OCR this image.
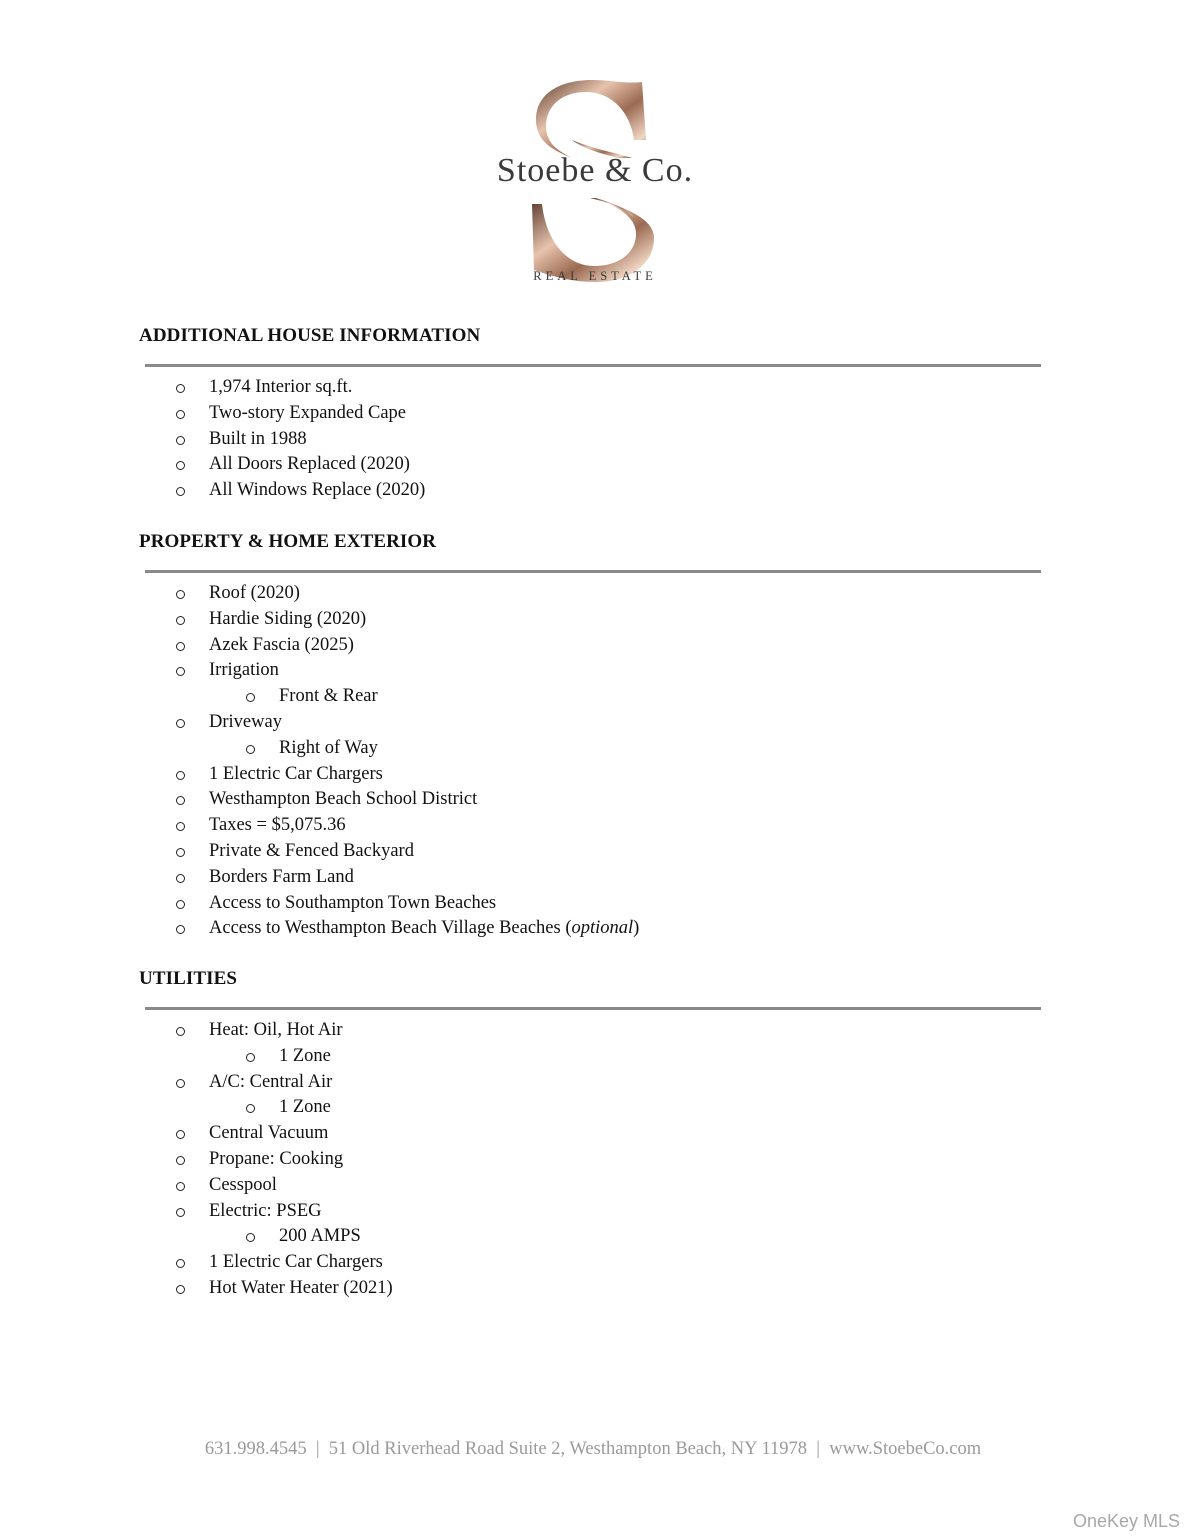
Stoebe & Co.
REAL ESTATE
ADDITIONAL HOUSE INFORMATION
1,974 Interior sq.ft.
Two-story Expanded Cape
Built in 1988
All Doors Replaced (2020)
All Windows Replace (2020)
PROPERTY & HOME EXTERIOR
Roof (2020)
Hardie Siding (2020)
Azek Fascia (2025)
Irrigation
Front & Rear
Driveway
Right of Way
1 Electric Car Chargers
Westhampton Beach School District
Taxes = $5,075.36
Private & Fenced Backyard
Borders Farm Land
Access to Southampton Town Beaches
Access to Westhampton Beach Village Beaches (optional)
UTILITIES
Heat: Oil, Hot Air
1 Zone
A/C: Central Air
1 Zone
Central Vacuum
Propane: Cooking
Cesspool
Electric: PSEG
200 AMPS
1 Electric Car Chargers
Hot Water Heater (2021)
631.998.4545  |  51 Old Riverhead Road Suite 2, Westhampton Beach, NY 11978  |  www.StoebeCo.com
OneKey MLS
